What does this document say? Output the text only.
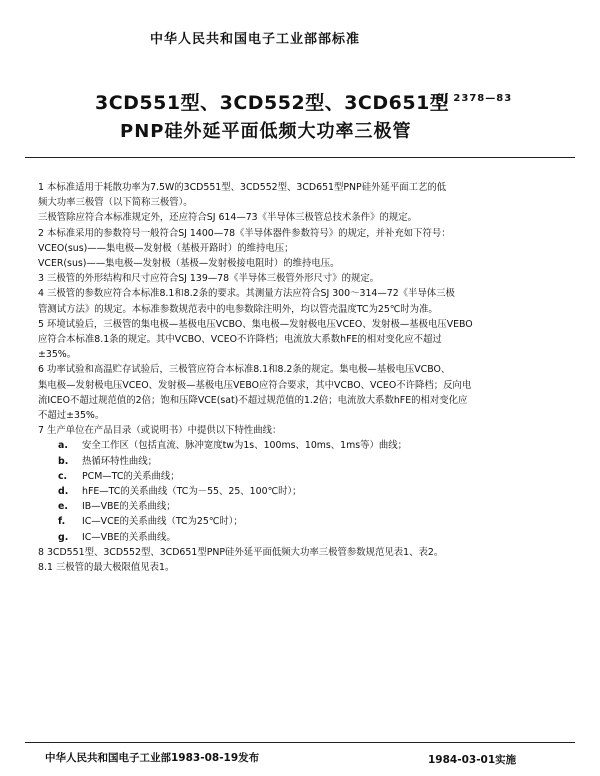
中华人民共和国电子工业部部标准
3CD551型、3CD552型、3CD651型
SJ 2378—83
PNP硅外延平面低频大功率三极管
1 本标准适用于耗散功率为7.5W的3CD551型、3CD552型、3CD651型PNP硅外延平面工艺的低
频大功率三极管（以下简称三极管）。
三极管除应符合本标准规定外，还应符合SJ 614—73《半导体三极管总技术条件》的规定。
2 本标准采用的参数符号一般符合SJ 1400—78《半导体器件参数符号》的规定，并补充如下符号：
VCEO(sus)——集电极—发射极（基极开路时）的维持电压；
VCER(sus)——集电极—发射极（基极—发射极接电阻时）的维持电压。
3 三极管的外形结构和尺寸应符合SJ 139—78《半导体三极管外形尺寸》的规定。
4 三极管的参数应符合本标准8.1和8.2条的要求。其测量方法应符合SJ 300～314—72《半导体三极
管测试方法》的规定。本标准参数规范表中的电参数除注明外，均以管壳温度TC为25℃时为准。
5 环境试验后，三极管的集电极—基极电压VCBO、集电极—发射极电压VCEO、发射极—基极电压VEBO
应符合本标准8.1条的规定。其中VCBO、VCEO不许降档；电流放大系数hFE的相对变化应不超过
±35%。
6 功率试验和高温贮存试验后，三极管应符合本标准8.1和8.2条的规定。集电极—基极电压VCBO、
集电极—发射极电压VCEO、发射极—基极电压VEBO应符合要求，其中VCBO、VCEO不许降档；反向电
流ICEO不超过规范值的2倍；饱和压降VCE(sat)不超过规范值的1.2倍；电流放大系数hFE的相对变化应
不超过±35%。
7 生产单位在产品目录（或说明书）中提供以下特性曲线：
a. 安全工作区（包括直流、脉冲宽度tw为1s、100ms、10ms、1ms等）曲线；
b. 热循环特性曲线；
c. PCM—TC的关系曲线；
d. hFE—TC的关系曲线（TC为－55、25、100℃时）；
e. IB—VBE的关系曲线；
f. IC—VCE的关系曲线（TC为25℃时）；
g. IC—VBE的关系曲线。
8 3CD551型、3CD552型、3CD651型PNP硅外延平面低频大功率三极管参数规范见表1、表2。
8.1 三极管的最大极限值见表1。
中华人民共和国电子工业部1983-08-19发布	1984-03-01实施
